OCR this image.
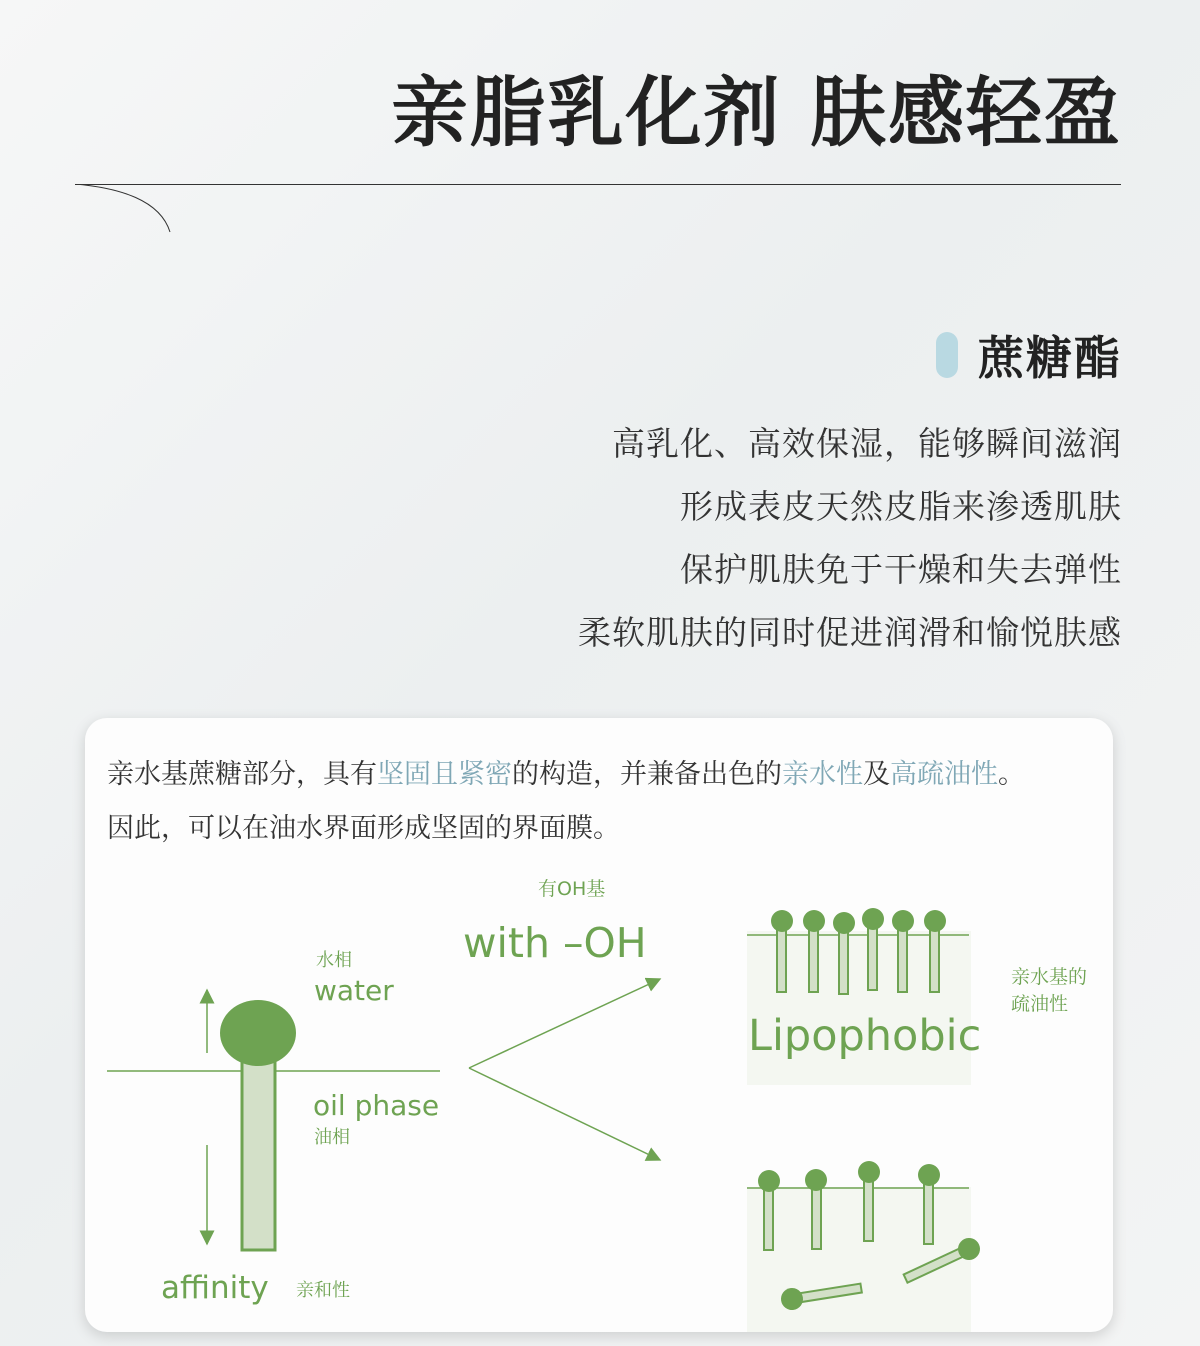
亲脂乳化剂 肤感轻盈
蔗糖酯
高乳化、高效保湿，能够瞬间滋润
形成表皮天然皮脂来渗透肌肤
保护肌肤免于干燥和失去弹性
柔软肌肤的同时促进润滑和愉悦肤感
亲水基蔗糖部分，具有坚固且紧密的构造，并兼备出色的亲水性及高疏油性。
因此，可以在油水界面形成坚固的界面膜。
水相
water
oil phase
油相
affinity 亲和性
有OH基
with –OH
Lipophobic
亲水基的
疏油性
